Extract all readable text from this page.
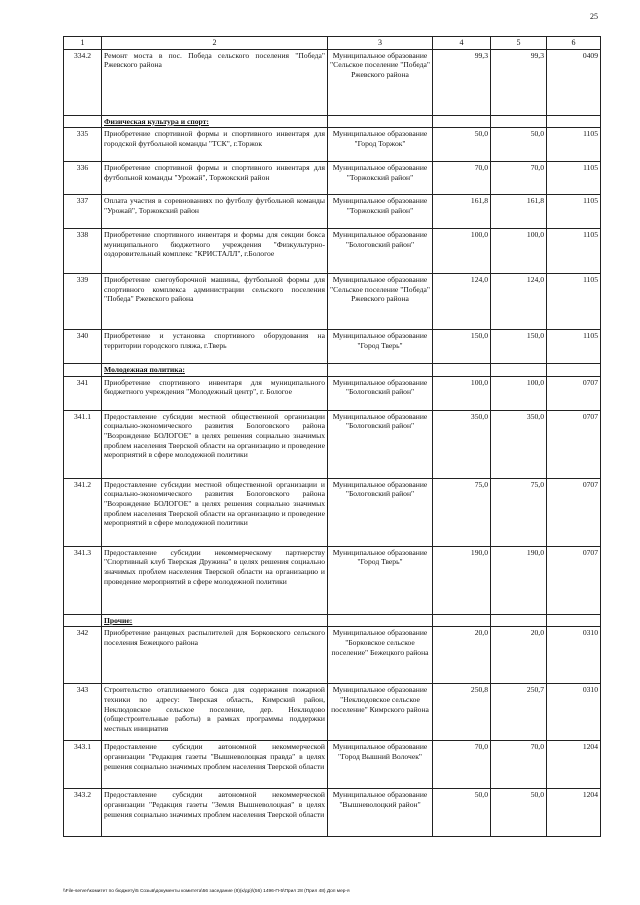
25
1	2	3	4	5	6
334.2	Ремонт моста в пос. Победа сельского поселения "Победа" Ржевского района	Муниципальное образование "Сельское поселение "Победа" Ржевского района	99,3	99,3	0409
	Физическая культура и спорт:				
335	Приобретение спортивной формы и спортивного инвентаря для городской футбольной команды "ТСК", г.Торжок	Муниципальное образование "Город Торжок"	50,0	50,0	1105
336	Приобретение спортивной формы и спортивного инвентаря для футбольной команды "Урожай", Торжокский район	Муниципальное образование "Торжокский район"	70,0	70,0	1105
337	Оплата участия в соревнованиях по футболу футбольной команды "Урожай", Торжокский район	Муниципальное образование "Торжокский район"	161,8	161,8	1105
338	Приобретение спортивного инвентаря и формы для секции бокса муниципального бюджетного учреждения "Физкультурно-оздоровительный комплекс "КРИСТАЛЛ", г.Бологое	Муниципальное образование "Бологовский район"	100,0	100,0	1105
339	Приобретение снегоуборочной машины, футбольной формы для спортивного комплекса администрации сельского поселения "Победа" Ржевского района	Муниципальное образование "Сельское поселение "Победа" Ржевского района	124,0	124,0	1105
340	Приобретение и установка спортивного оборудования на территории городского пляжа, г.Тверь	Муниципальное образование "Город Тверь"	150,0	150,0	1105
	Молодежная политика:				
341	Приобретение спортивного инвентаря для муниципального бюджетного учреждения "Молодежный центр", г. Бологое	Муниципальное образование "Бологовский район"	100,0	100,0	0707
341.1	Предоставление субсидии местной общественной организации социально-экономического развития Бологовского района "Возрождение БОЛОГОЕ" в целях решения социально значимых проблем населения Тверской области на организацию и проведение мероприятий в сфере молодежной политики	Муниципальное образование "Бологовский район"	350,0	350,0	0707
341.2	Предоставление субсидии местной общественной организации и социально-экономического развития Бологовского района "Возрождение БОЛОГОЕ" в целях решения социально значимых проблем населения Тверской области на организацию и проведение мероприятий в сфере молодежной политики	Муниципальное образование "Бологовский район"	75,0	75,0	0707
341.3	Предоставление субсидии некоммерческому партнерству "Спортивный клуб Тверская Дружина" в целях решения социально значимых проблем населения Тверской области на организацию и проведение мероприятий в сфере молодежной политики	Муниципальное образование "Город Тверь"	190,0	190,0	0707
	Прочие:				
342	Приобретение ранцевых распылителей для Борковского сельского поселения Бежецкого района	Муниципальное образование "Борковское сельское поселение" Бежецкого района	20,0	20,0	0310
343	Строительство отапливаемого бокса для содержания пожарной техники по адресу: Тверская область, Кимрский район, Неклюдовское сельское поселение, дер. Неклюдово (общестроительные работы) в рамках программы поддержки местных инициатив	Муниципальное образование "Неклюдовское сельское поселение" Кимрского района	250,8	250,7	0310
343.1	Предоставление субсидии автономной некоммерческой организации "Редакция газеты "Вышневолоцкая правда" в целях решения социально значимых проблем населения Тверской области	Муниципальное образование "Город Вышний Волочек"	70,0	70,0	1204
343.2	Предоставление субсидии автономной некоммерческой организации "Редакция газеты "Земля Вышневолоцкая" в целях решения социально значимых проблем населения Тверской области	Муниципальное образование "Вышневолоцкий район"	50,0	50,0	1204
\\File-server\комитет по бюджету\5 Созыв\документы комитета\56 заседание (8)(к/др)\(56) 1496-П-5\Прил 28 (Прил 48) Доп мер-я
